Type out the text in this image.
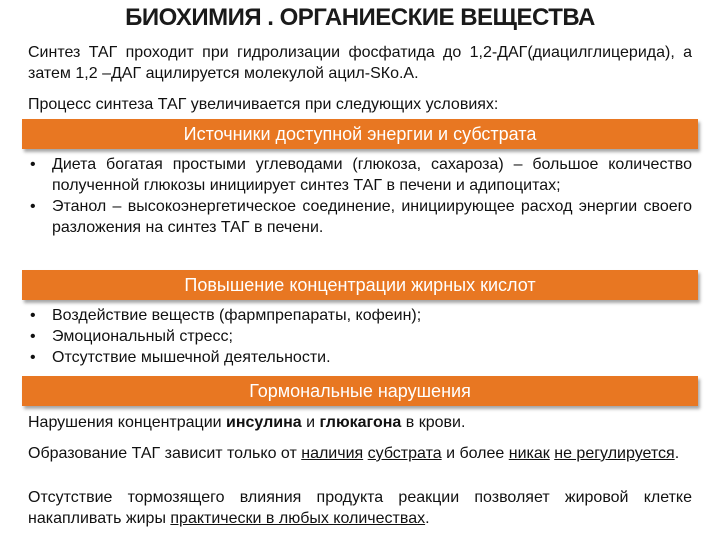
БИОХИМИЯ . ОРГАНИЕСКИЕ ВЕЩЕСТВА
Синтез ТАГ проходит при гидролизации фосфатида до 1,2-ДАГ(диацилглицерида), а затем 1,2 –ДАГ ацилируется молекулой ацил-SКо.А.
Процесс синтеза ТАГ увеличивается при следующих условиях:
Источники доступной энергии и субстрата
• Диета богатая простыми углеводами (глюкоза, сахароза) – большое количество полученной глюкозы инициирует синтез ТАГ в печени и адипоцитах;
• Этанол – высокоэнергетическое соединение, инициирующее расход энергии своего разложения на синтез ТАГ в печени.
Повышение концентрации жирных кислот
• Воздействие веществ (фармпрепараты, кофеин);
• Эмоциональный стресс;
• Отсутствие мышечной деятельности.
Гормональные нарушения
Нарушения концентрации инсулина и глюкагона в крови.
Образование ТАГ зависит только от наличия субстрата и более никак не регулируется.
Отсутствие тормозящего влияния продукта реакции позволяет жировой клетке накапливать жиры практически в любых количествах.
